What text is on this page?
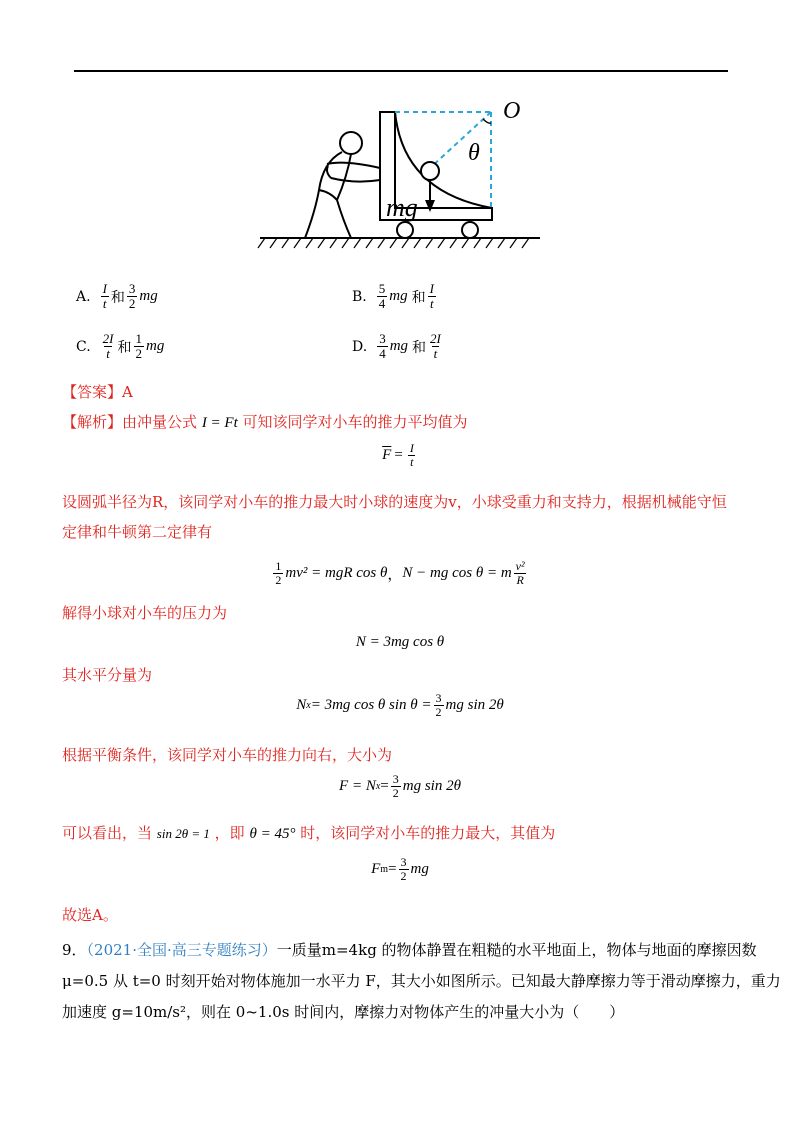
O
θ
mg
A. $\frac{I}{t}$ 和 $\frac{3}{2}$ mg	B. $\frac{5}{4}$ mg 和 $\frac{I}{t}$
C. $\frac{2I}{t}$ 和 $\frac{1}{2}$ mg	D. $\frac{3}{4}$ mg 和 $\frac{2I}{t}$
【答案】A
【解析】由冲量公式 I = Ft 可知该同学对小车的推力平均值为
$\overline{F} = \frac{I}{t}$
设圆弧半径为R，该同学对小车的推力最大时小球的速度为v，小球受重力和支持力，根据机械能守恒定律和牛顿第二定律有
$\frac{1}{2} mv^2$ = mgR cos θ ， N − mg cos θ = m $\frac{\text{v²}}{R}$
解得小球对小车的压力为
N = 3mg cos θ
其水平分量为
N x = 3mg cos θ $\sin \theta = \frac{3}{2}$ mg sin 2θ
根据平衡条件，该同学对小车的推力向右，大小为
F = N $x = \frac{3}{2}$ mg sin 2θ
可以看出，当 sin 2θ = 1 ，即 θ = 45° 时，该同学对小车的推力最大，其值为
F $m = \frac{3}{2}$ mg
故选A。
9．（2021·全国·高三专题练习）一质量m=4kg 的物体静置在粗糙的水平地面上，物体与地面的摩擦因数
μ=0.5 从 t=0 时刻开始对物体施加一水平力 F，其大小如图所示。已知最大静摩擦力等于滑动摩擦力，重力
加速度 g=10m/s²，则在 0~1.0s 时间内，摩擦力对物体产生的冲量大小为（　　）
